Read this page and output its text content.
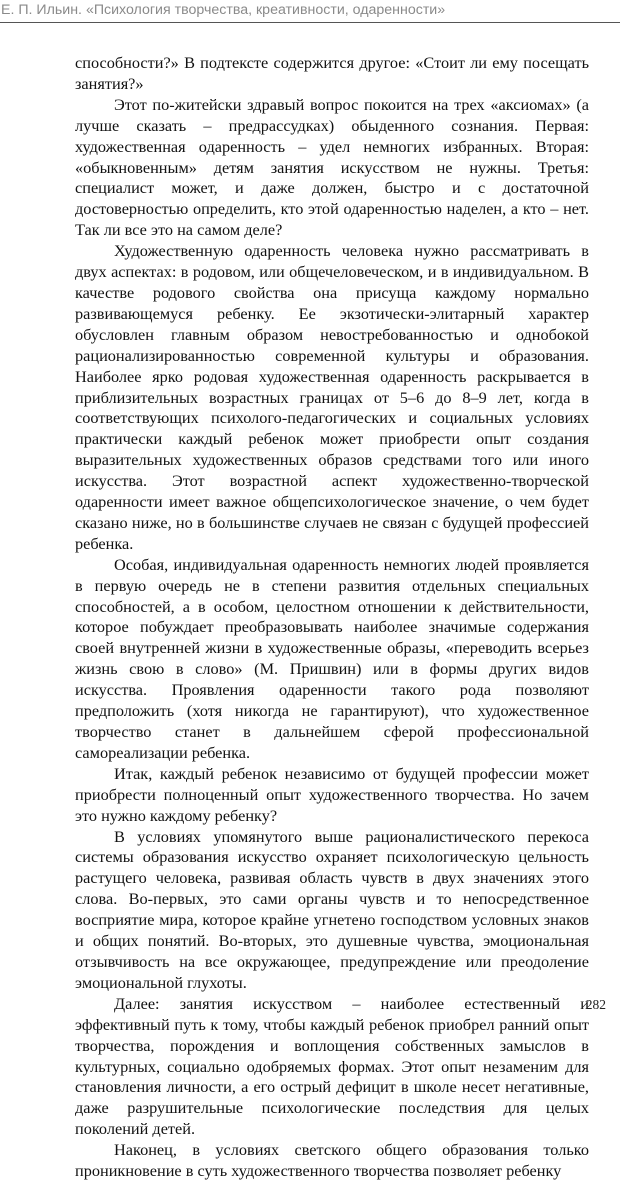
Е. П. Ильин. «Психология творчества, креативности, одаренности»

способности?» В подтексте содержится другое: «Стоит ли ему посещать занятия?»

Этот по-житейски здравый вопрос покоится на трех «аксиомах» (а лучше сказать – предрассудках) обыденного сознания. Первая: художественная одаренность – удел немногих избранных. Вторая: «обыкновенным» детям занятия искусством не нужны. Третья: специалист может, и даже должен, быстро и с достаточной достоверностью определить, кто этой одаренностью наделен, а кто – нет. Так ли все это на самом деле?

Художественную одаренность человека нужно рассматривать в двух аспектах: в родовом, или общечеловеческом, и в индивидуальном. В качестве родового свойства она присуща каждому нормально развивающемуся ребенку. Ее экзотически-элитарный характер обусловлен главным образом невостребованностью и однобокой рационализированностью современной культуры и образования. Наиболее ярко родовая художественная одаренность раскрывается в приблизительных возрастных границах от 5–6 до 8–9 лет, когда в соответствующих психолого-педагогических и социальных условиях практически каждый ребенок может приобрести опыт создания выразительных художественных образов средствами того или иного искусства. Этот возрастной аспект художественно-творческой одаренности имеет важное общепсихологическое значение, о чем будет сказано ниже, но в большинстве случаев не связан с будущей профессией ребенка.

Особая, индивидуальная одаренность немногих людей проявляется в первую очередь не в степени развития отдельных специальных способностей, а в особом, целостном отношении к действительности, которое побуждает преобразовывать наиболее значимые содержания своей внутренней жизни в художественные образы, «переводить всерьез жизнь свою в слово» (М. Пришвин) или в формы других видов искусства. Проявления одаренности такого рода позволяют предположить (хотя никогда не гарантируют), что художественное творчество станет в дальнейшем сферой профессиональной самореализации ребенка.

Итак, каждый ребенок независимо от будущей профессии может приобрести полноценный опыт художественного творчества. Но зачем это нужно каждому ребенку?

В условиях упомянутого выше рационалистического перекоса системы образования искусство охраняет психологическую цельность растущего человека, развивая область чувств в двух значениях этого слова. Во-первых, это сами органы чувств и то непосредственное восприятие мира, которое крайне угнетено господством условных знаков и общих понятий. Во-вторых, это душевные чувства, эмоциональная отзывчивость на все окружающее, предупреждение или преодоление эмоциональной глухоты.

Далее: занятия искусством – наиболее естественный и эффективный путь к тому, чтобы каждый ребенок приобрел ранний опыт творчества, порождения и воплощения собственных замыслов в культурных, социально одобряемых формах. Этот опыт незаменим для становления личности, а его острый дефицит в школе несет негативные, даже разрушительные психологические последствия для целых поколений детей.

Наконец, в условиях светского общего образования только проникновение в суть художественного творчества позволяет ребенку

282
